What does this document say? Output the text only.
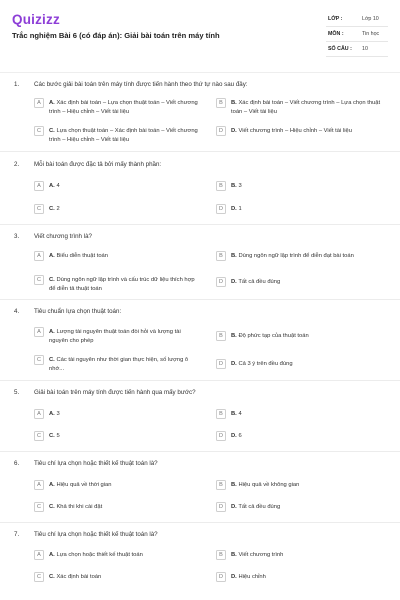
Quizizz
Trắc nghiệm Bài 6 (có đáp án): Giải bài toán trên máy tính
LỚP :	Lớp 10
MÔN :	Tin học
SỐ CÂU : 10
1. Các bước giải bài toán trên máy tính được tiến hành theo thứ tự nào sau đây:
A	A. Xác định bài toán – Lựa chọn thuật toán – Viết chương trình – Hiệu chỉnh – Viết tài liệu
B	B. Xác định bài toán – Viết chương trình – Lựa chọn thuật toán – Viết tài liệu
C	C. Lựa chọn thuật toán – Xác định bài toán – Viết chương trình – Hiệu chỉnh – Viết tài liệu
D	D. Viết chương trình – Hiệu chỉnh – Viết tài liệu
2. Mỗi bài toán được đặc tả bởi mấy thành phần:
A	A. 4	B	B. 3
C	C. 2	D	D. 1
3. Viết chương trình là?
A	A. Biểu diễn thuật toán	B	B. Dùng ngôn ngữ lập trình để diễn đạt bài toán
C	C. Dùng ngôn ngữ lập trình và cấu trúc dữ liệu thích hợp để diễn tả thuật toán
D	D. Tất cả đều đúng
4. Tiêu chuẩn lựa chọn thuật toán:
A	A. Lượng tài nguyên thuật toán đòi hỏi và lượng tài nguyên cho phép
B	B. Độ phức tạp của thuật toán
C	C. Các tài nguyên như thời gian thực hiện, số lượng ô nhớ...
D	D. Cả 3 ý trên đều đúng
5. Giải bài toán trên máy tính được tiến hành qua mấy bước?
A	A. 3	B	B. 4
C	C. 5	D	D. 6
6. Tiêu chí lựa chọn hoặc thiết kế thuật toán là?
A	A. Hiệu quả về thời gian	B	B. Hiệu quả về không gian
C	C. Khả thi khi cài đặt	D	D. Tất cả đều đúng
7. Tiêu chí lựa chọn hoặc thiết kế thuật toán là?
A	A. Lựa chọn hoặc thiết kế thuật toán	B	B. Viết chương trình
C	C. Xác định bài toán	D	D. Hiệu chỉnh
